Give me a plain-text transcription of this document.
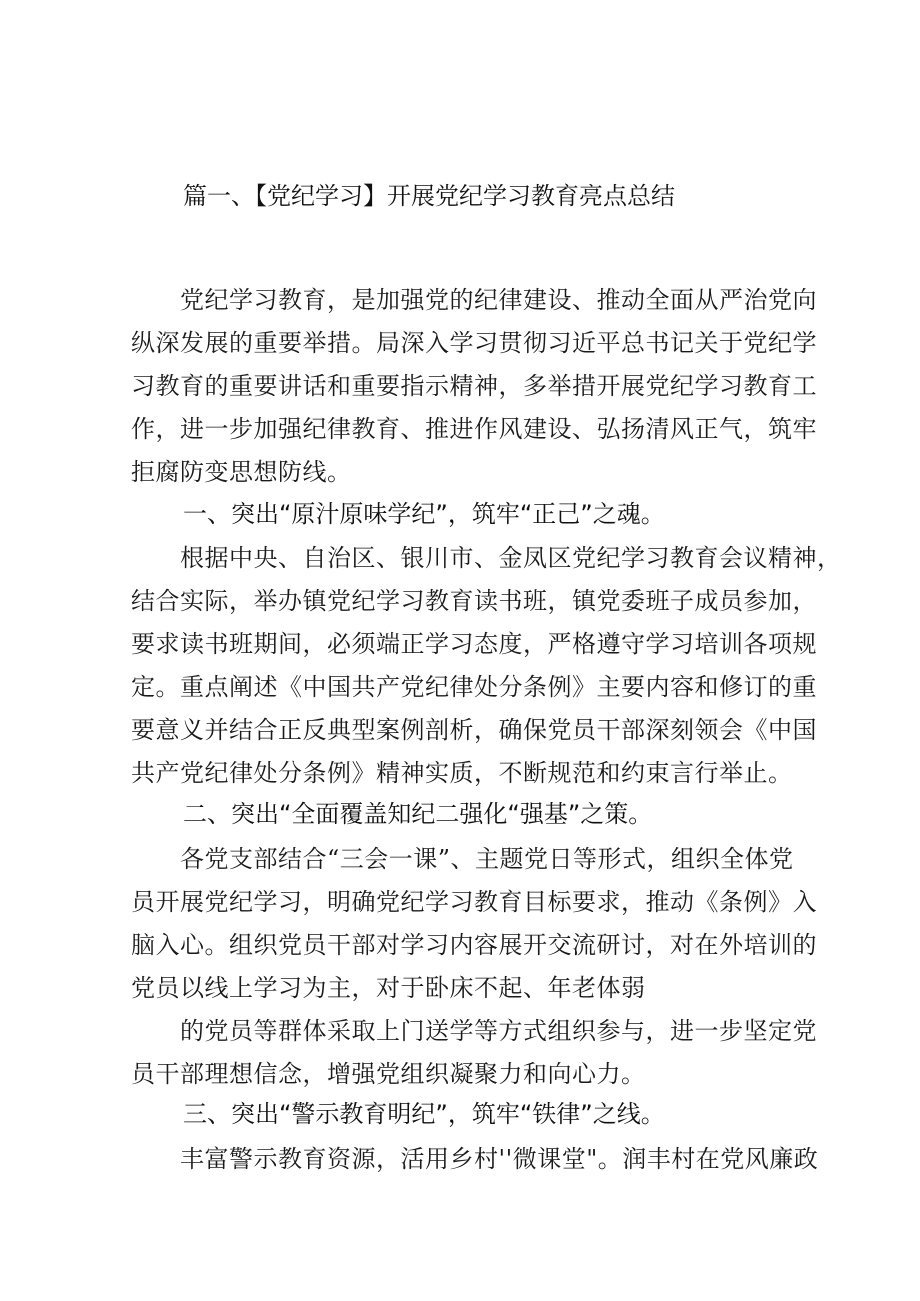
篇一、【党纪学习】开展党纪学习教育亮点总结
　　党纪学习教育，是加强党的纪律建设、推动全面从严治党向
纵深发展的重要举措。局深入学习贯彻习近平总书记关于党纪学
习教育的重要讲话和重要指示精神，多举措开展党纪学习教育工
作，进一步加强纪律教育、推进作风建设、弘扬清风正气，筑牢
拒腐防变思想防线。
一、突出“原汁原味学纪”，筑牢“正己”之魂。
　　根据中央、自治区、银川市、金凤区党纪学习教育会议精神，
结合实际，举办镇党纪学习教育读书班，镇党委班子成员参加，
要求读书班期间，必须端正学习态度，严格遵守学习培训各项规
定。重点阐述《中国共产党纪律处分条例》主要内容和修订的重
要意义并结合正反典型案例剖析，确保党员干部深刻领会《中国
共产党纪律处分条例》精神实质，不断规范和约束言行举止。
二、突出“全面覆盖知纪二强化“强基”之策。
　　各党支部结合“三会一课”、主题党日等形式，组织全体党
员开展党纪学习，明确党纪学习教育目标要求，推动《条例》入
脑入心。组织党员干部对学习内容展开交流研讨，对在外培训的
党员以线上学习为主，对于卧床不起、年老体弱
　　的党员等群体采取上门送学等方式组织参与，进一步坚定党
员干部理想信念，增强党组织凝聚力和向心力。
三、突出“警示教育明纪”，筑牢“铁律”之线。
　　丰富警示教育资源，活用乡村''微课堂"。润丰村在党风廉政
